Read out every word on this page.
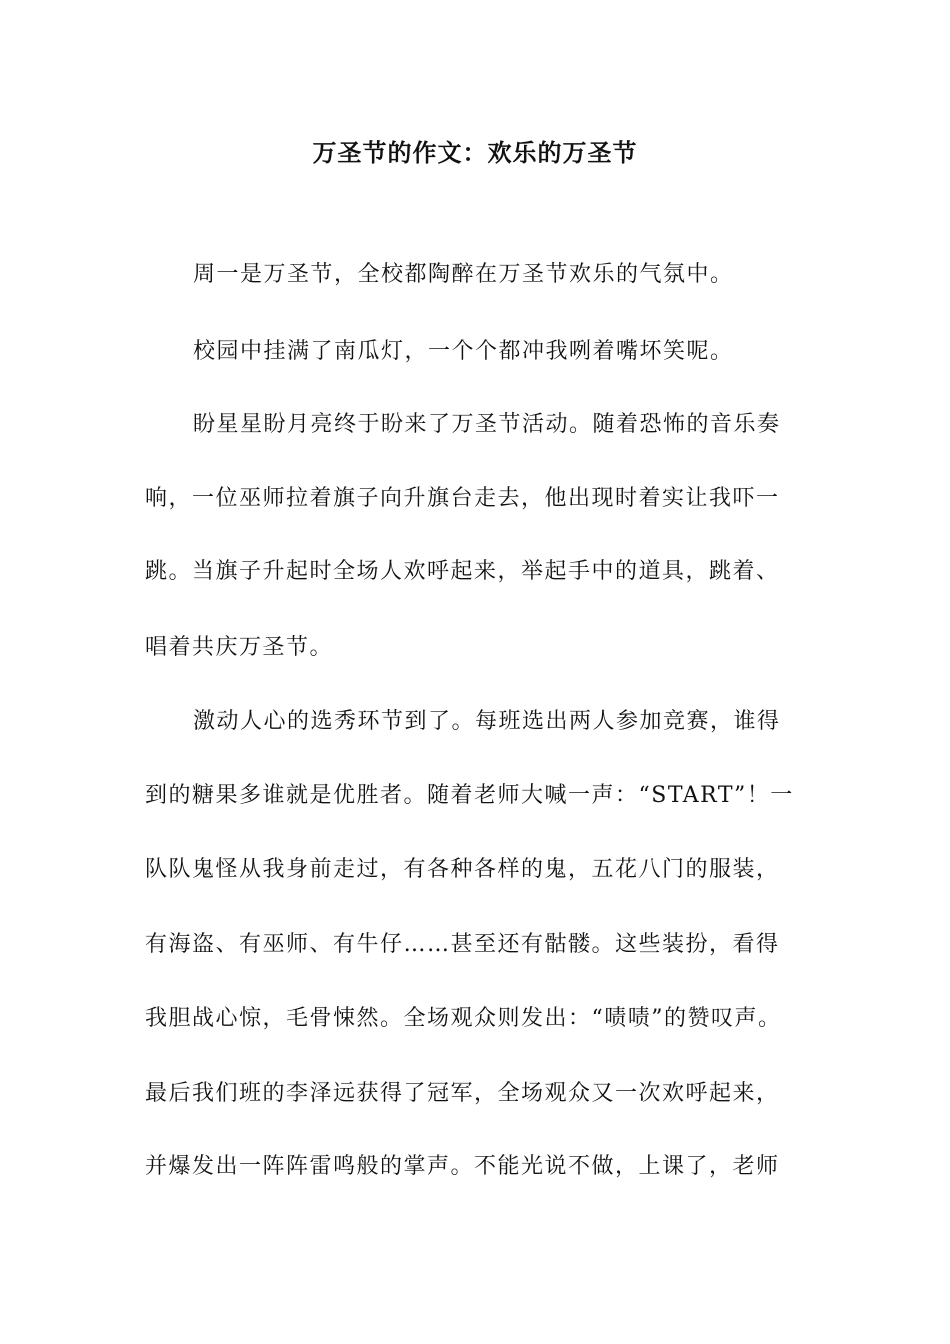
万圣节的作文：欢乐的万圣节
周一是万圣节，全校都陶醉在万圣节欢乐的气氛中。
校园中挂满了南瓜灯，一个个都冲我咧着嘴坏笑呢。
盼星星盼月亮终于盼来了万圣节活动。随着恐怖的音乐奏
响，一位巫师拉着旗子向升旗台走去，他出现时着实让我吓一
跳。当旗子升起时全场人欢呼起来，举起手中的道具，跳着、
唱着共庆万圣节。
激动人心的选秀环节到了。每班选出两人参加竞赛，谁得
到的糖果多谁就是优胜者。随着老师大喊一声：“START”！一
队队鬼怪从我身前走过，有各种各样的鬼，五花八门的服装，
有海盗、有巫师、有牛仔……甚至还有骷髅。这些装扮，看得
我胆战心惊，毛骨悚然。全场观众则发出：“啧啧”的赞叹声。
最后我们班的李泽远获得了冠军，全场观众又一次欢呼起来，
并爆发出一阵阵雷鸣般的掌声。不能光说不做，上课了，老师
